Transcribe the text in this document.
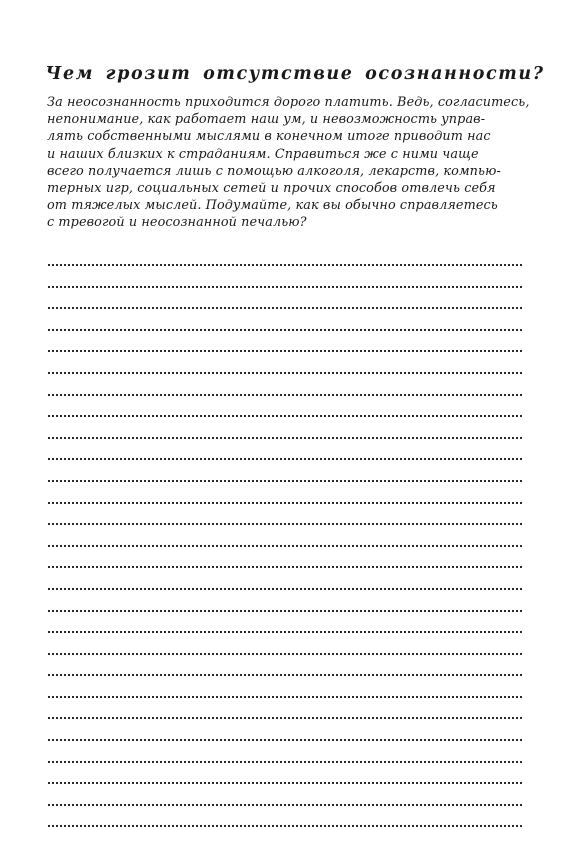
Чем грозит отсутствие осознанности?
За неосознанность приходится дорого платить. Ведь, согласитесь,
непонимание, как работает наш ум, и невозможность управ-
лять собственными мыслями в конечном итоге приводит нас
и наших близких к страданиям. Справиться же с ними чаще
всего получается лишь с помощью алкоголя, лекарств, компью-
терных игр, социальных сетей и прочих способов отвлечь себя
от тяжелых мыслей. Подумайте, как вы обычно справляетесь
с тревогой и неосознанной печалью?
